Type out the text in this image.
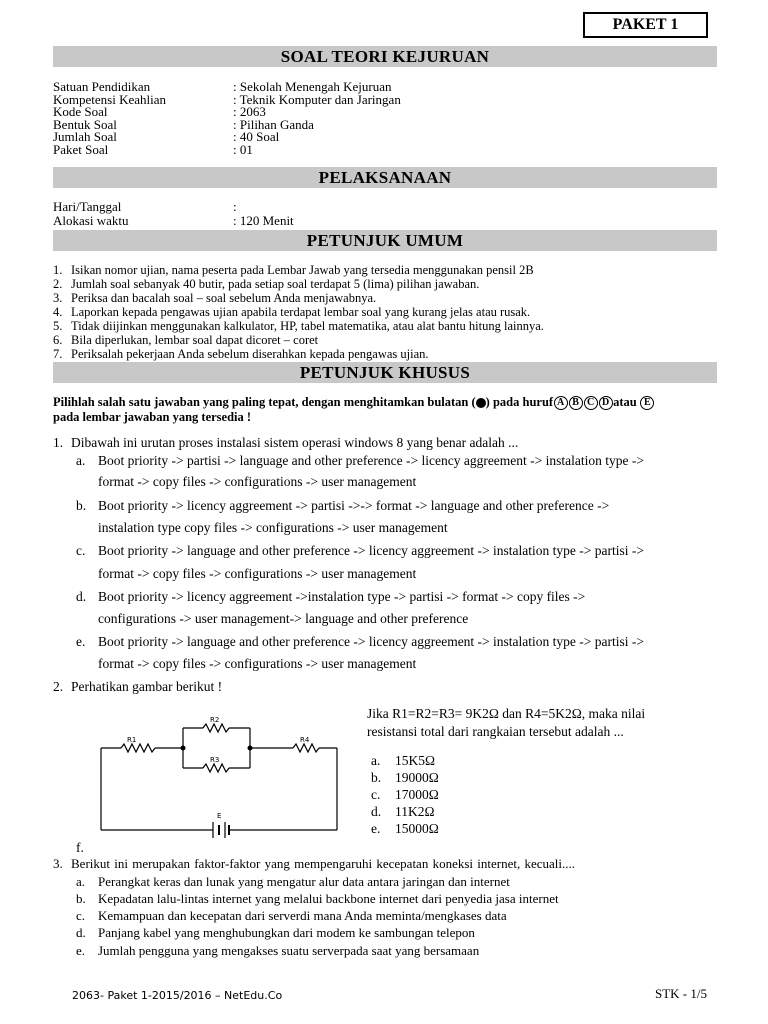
PAKET 1
SOAL TEORI KEJURUAN
Satuan Pendidikan	: Sekolah Menengah Kejuruan
Kompetensi Keahlian	: Teknik Komputer dan Jaringan
Kode Soal	: 2063
Bentuk Soal	: Pilihan Ganda
Jumlah Soal	: 40 Soal
Paket Soal	: 01
PELAKSANAAN
Hari/Tanggal	:
Alokasi waktu	: 120 Menit
PETUNJUK UMUM
1. Isikan nomor ujian, nama peserta pada Lembar Jawab yang tersedia menggunakan pensil 2B
2. Jumlah soal sebanyak 40 butir, pada setiap soal terdapat 5 (lima) pilihan jawaban.
3. Periksa dan bacalah soal – soal sebelum Anda menjawabnya.
4. Laporkan kepada pengawas ujian apabila terdapat lembar soal yang kurang jelas atau rusak.
5. Tidak diijinkan menggunakan kalkulator, HP, tabel matematika, atau alat bantu hitung lainnya.
6. Bila diperlukan, lembar soal dapat dicoret – coret
7. Periksalah pekerjaan Anda sebelum diserahkan kepada pengawas ujian.
PETUNJUK KHUSUS
Pilihlah salah satu jawaban yang paling tepat, dengan menghitamkan bulatan ( ) pada huruf A B C D atau E
pada lembar jawaban yang tersedia !
1. Dibawah ini urutan proses instalasi sistem operasi windows 8 yang benar adalah ...
a. Boot priority -> partisi -> language and other preference -> licency aggreement -> instalation type ->
format -> copy files -> configurations -> user management
b. Boot priority -> licency aggreement -> partisi ->-> format -> language and other preference ->
instalation type copy files -> configurations -> user management
c. Boot priority -> language and other preference -> licency aggreement -> instalation type -> partisi ->
format -> copy files -> configurations -> user management
d. Boot priority -> licency aggreement ->instalation type -> partisi -> format -> copy files ->
configurations -> user management-> language and other preference
e. Boot priority -> language and other preference -> licency aggreement -> instalation type -> partisi ->
format -> copy files -> configurations -> user management
2. Perhatikan gambar berikut !
R1
R2
R3
R4
E
Jika R1=R2=R3= 9K2Ω dan R4=5K2Ω, maka nilai
resistansi total dari rangkaian tersebut adalah ...
a. 15K5Ω
b. 19000Ω
c. 17000Ω
d. 11K2Ω
e. 15000Ω
f.
3. Berikut ini merupakan faktor-faktor yang mempengaruhi kecepatan koneksi internet, kecuali....
a. Perangkat keras dan lunak yang mengatur alur data antara jaringan dan internet
b. Kepadatan lalu-lintas internet yang melalui backbone internet dari penyedia jasa internet
c. Kemampuan dan kecepatan dari serverdi mana Anda meminta/mengkases data
d. Panjang kabel yang menghubungkan dari modem ke sambungan telepon
e. Jumlah pengguna yang mengakses suatu serverpada saat yang bersamaan
2063- Paket 1-2015/2016 – NetEdu.Co	STK - 1/5
